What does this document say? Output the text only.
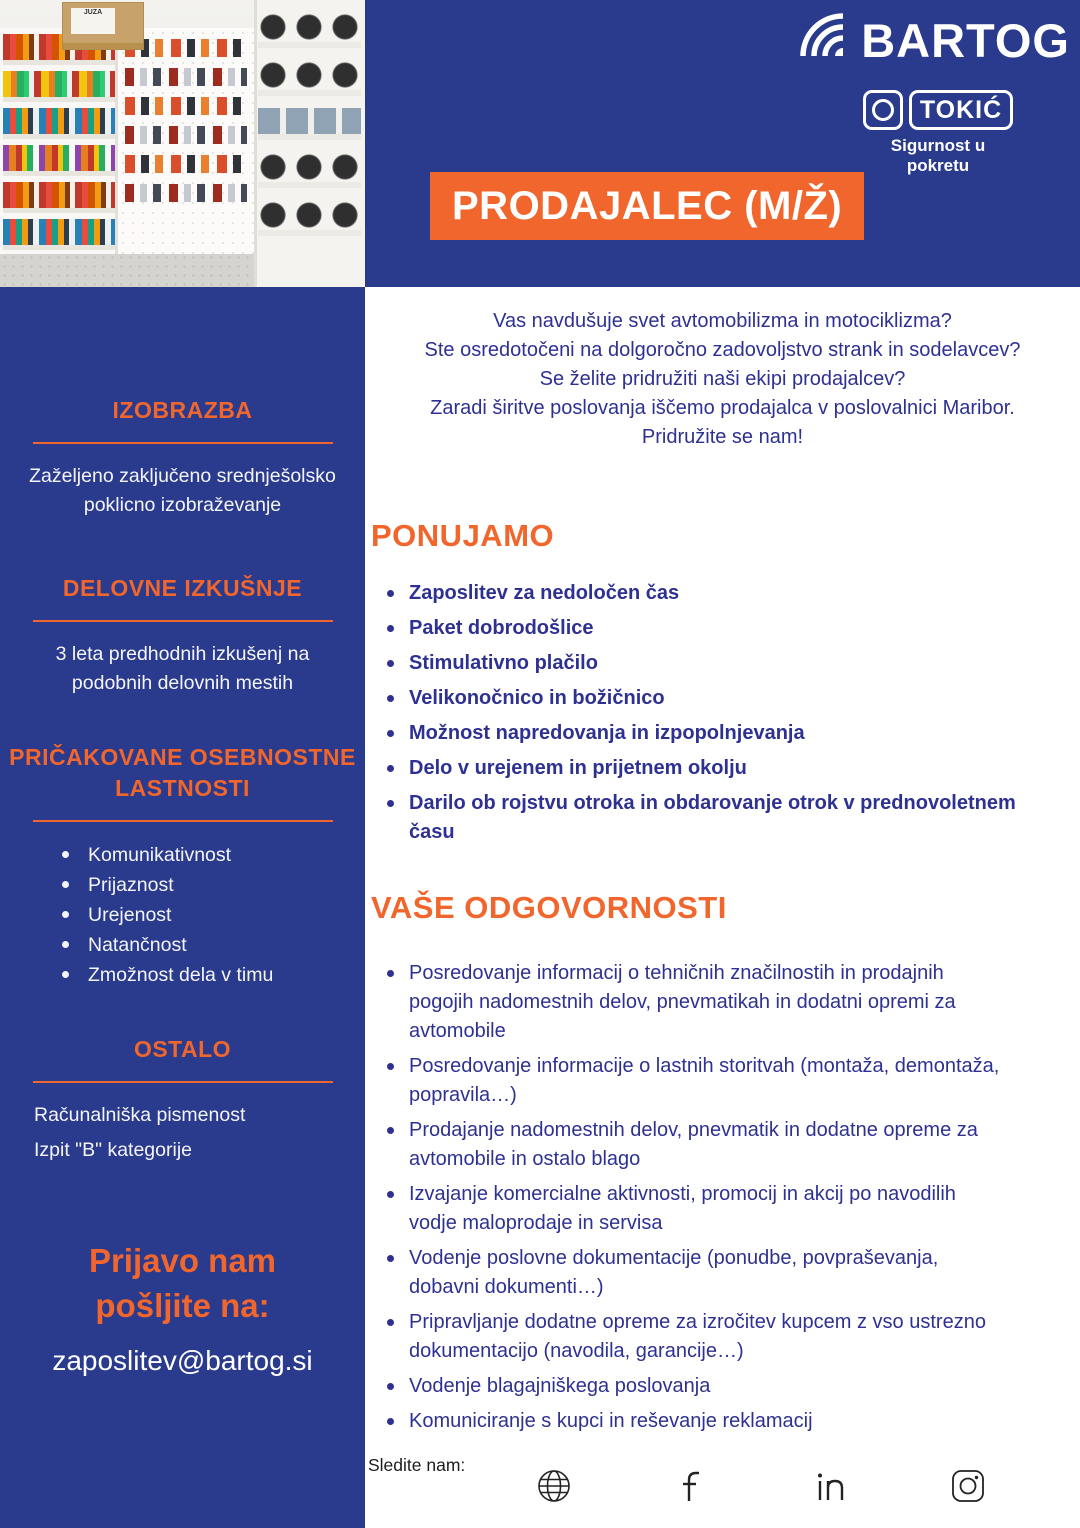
JUZA
BARTOG
TOKIĆ
Sigurnost u pokretu
PRODAJALEC (M/Ž)
IZOBRAZBA

Zaželjeno zaključeno srednješolsko poklicno izobraževanje

DELOVNE IZKUŠNJE

3 leta predhodnih izkušenj na podobnih delovnih mestih

PRIČAKOVANE OSEBNOSTNE LASTNOSTI
Komunikativnost
Prijaznost
Urejenost
Natančnost
Zmožnost dela v timu
OSTALO

Računalniška pismenost

Izpit "B" kategorije

Prijavo nam pošljite na:
zaposlitev@bartog.si

Vas navdušuje svet avtomobilizma in motociklizma?

Ste osredotočeni na dolgoročno zadovoljstvo strank in sodelavcev?

Se želite pridružiti naši ekipi prodajalcev?

Zaradi širitve poslovanja iščemo prodajalca v poslovalnici Maribor.

Pridružite se nam!

PONUJAMO
Zaposlitev za nedoločen čas
Paket dobrodošlice
Stimulativno plačilo
Velikonočnico in božičnico
Možnost napredovanja in izpopolnjevanja
Delo v urejenem in prijetnem okolju
Darilo ob rojstvu otroka in obdarovanje otrok v prednovoletnem času
VAŠE ODGOVORNOSTI
Posredovanje informacij o tehničnih značilnostih in prodajnih pogojih nadomestnih delov, pnevmatikah in dodatni opremi za avtomobile
Posredovanje informacije o lastnih storitvah (montaža, demontaža, popravila…)
Prodajanje nadomestnih delov, pnevmatik in dodatne opreme za avtomobile in ostalo blago
Izvajanje komercialne aktivnosti, promocij in akcij po navodilih vodje maloprodaje in servisa
Vodenje poslovne dokumentacije (ponudbe, povpraševanja, dobavni dokumenti…)
Pripravljanje dodatne opreme za izročitev kupcem z vso ustrezno dokumentacijo (navodila, garancije…)
Vodenje blagajniškega poslovanja
Komuniciranje s kupci in reševanje reklamacij
Sledite nam:
